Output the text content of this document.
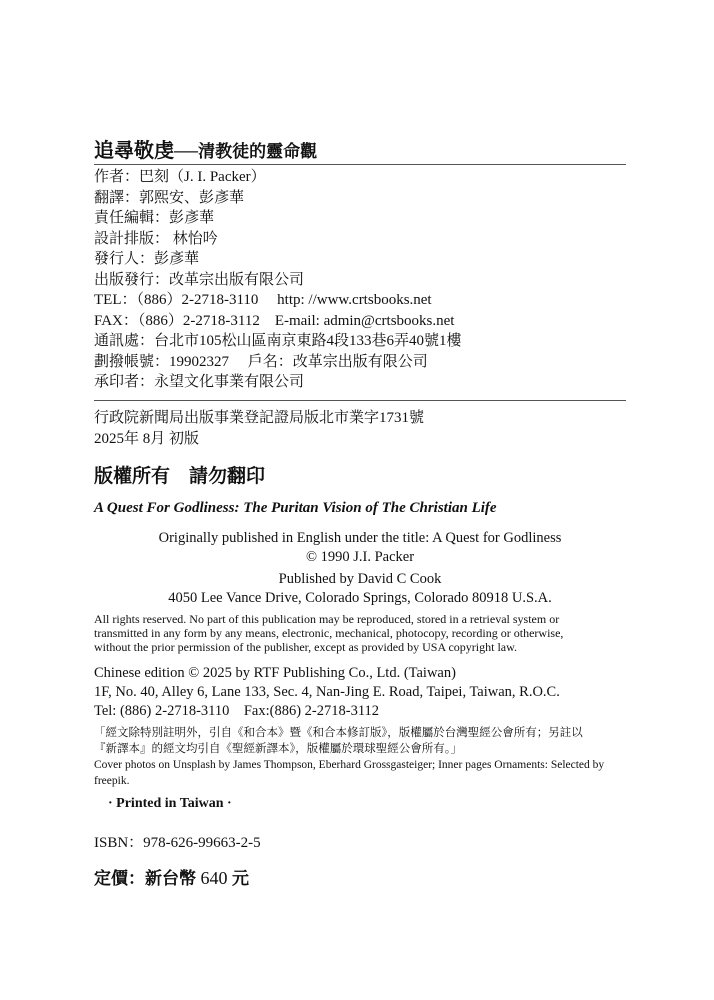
追尋敬虔──清教徒的靈命觀
作者：巴刻（J. I. Packer）
翻譯：郭熙安、彭彥華
責任編輯：彭彥華
設計排版： 林怡吟
發行人：彭彥華
出版發行：改革宗出版有限公司
TEL：（886）2-2718-3110　 http: //www.crtsbooks.net
FAX：（886）2-2718-3112　E-mail: admin@crtsbooks.net
通訊處：台北市105松山區南京東路4段133巷6弄40號1樓
劃撥帳號：19902327　 戶名：改革宗出版有限公司
承印者：永望文化事業有限公司
行政院新聞局出版事業登記證局版北市業字1731號
2025年 8月 初版
版權所有　請勿翻印
A Quest For Godliness: The Puritan Vision of The Christian Life
Originally published in English under the title: A Quest for Godliness
© 1990 J.I. Packer
Published by David C Cook
4050 Lee Vance Drive, Colorado Springs, Colorado 80918 U.S.A.
All rights reserved. No part of this publication may be reproduced, stored in a retrieval system or
transmitted in any form by any means, electronic, mechanical, photocopy, recording or otherwise,
without the prior permission of the publisher, except as provided by USA copyright law.
Chinese edition © 2025 by RTF Publishing Co., Ltd. (Taiwan)
1F, No. 40, Alley 6, Lane 133, Sec. 4, Nan-Jing E. Road, Taipei, Taiwan, R.O.C.
Tel: (886) 2-2718-3110　Fax:(886) 2-2718-3112
「經文除特別註明外，引自《和合本》暨《和合本修訂版》，版權屬於台灣聖經公會所有；另註以
『新譯本』的經文均引自《聖經新譯本》，版權屬於環球聖經公會所有。」
Cover photos on Unsplash by James Thompson, Eberhard Grossgasteiger; Inner pages Ornaments: Selected by
freepik.
· Printed in Taiwan ·
ISBN：978-626-99663-2-5
定價：新台幣 640 元
